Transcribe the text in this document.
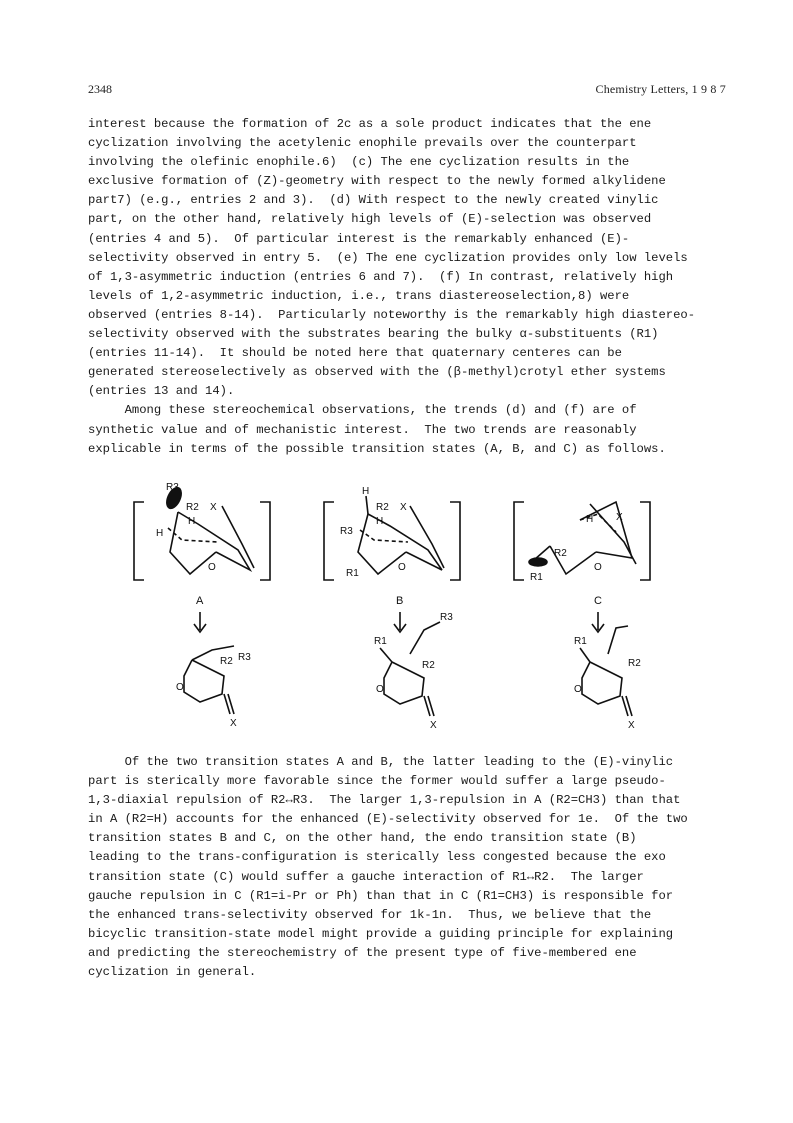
2348	Chemistry Letters, 1 9 8 7
interest because the formation of 2c as a sole product indicates that the ene
cyclization involving the acetylenic enophile prevails over the counterpart
involving the olefinic enophile.6)  (c) The ene cyclization results in the
exclusive formation of (Z)-geometry with respect to the newly formed alkylidene
part7) (e.g., entries 2 and 3).  (d) With respect to the newly created vinylic
part, on the other hand, relatively high levels of (E)-selection was observed
(entries 4 and 5).  Of particular interest is the remarkably enhanced (E)-
selectivity observed in entry 5.  (e) The ene cyclization provides only low levels
of 1,3-asymmetric induction (entries 6 and 7).  (f) In contrast, relatively high
levels of 1,2-asymmetric induction, i.e., trans diastereoselection,8) were
observed (entries 8-14).  Particularly noteworthy is the remarkably high diastereo-
selectivity observed with the substrates bearing the bulky α-substituents (R1)
(entries 11-14).  It should be noted here that quaternary centeres can be
generated stereoselectively as observed with the (β-methyl)crotyl ether systems
(entries 13 and 14).
Among these stereochemical observations, the trends (d) and (f) are of
synthetic value and of mechanistic interest.  The two trends are reasonably
explicable in terms of the possible transition states (A, B, and C) as follows.
R3
R2 X
H
H
O
H
R2 X
H
R3
R1
O
X
H
R2
R1
O
A	B	C
R2 R3
O
X
R1
R3
R2
O
X
R1
R2
O
X
Of the two transition states A and B, the latter leading to the (E)-vinylic
part is sterically more favorable since the former would suffer a large pseudo-
1,3-diaxial repulsion of R2↔R3.  The larger 1,3-repulsion in A (R2=CH3) than that
in A (R2=H) accounts for the enhanced (E)-selectivity observed for 1e.  Of the two
transition states B and C, on the other hand, the endo transition state (B)
leading to the trans-configuration is sterically less congested because the exo
transition state (C) would suffer a gauche interaction of R1↔R2.  The larger
gauche repulsion in C (R1=i-Pr or Ph) than that in C (R1=CH3) is responsible for
the enhanced trans-selectivity observed for 1k-1n.  Thus, we believe that the
bicyclic transition-state model might provide a guiding principle for explaining
and predicting the stereochemistry of the present type of five-membered ene
cyclization in general.
